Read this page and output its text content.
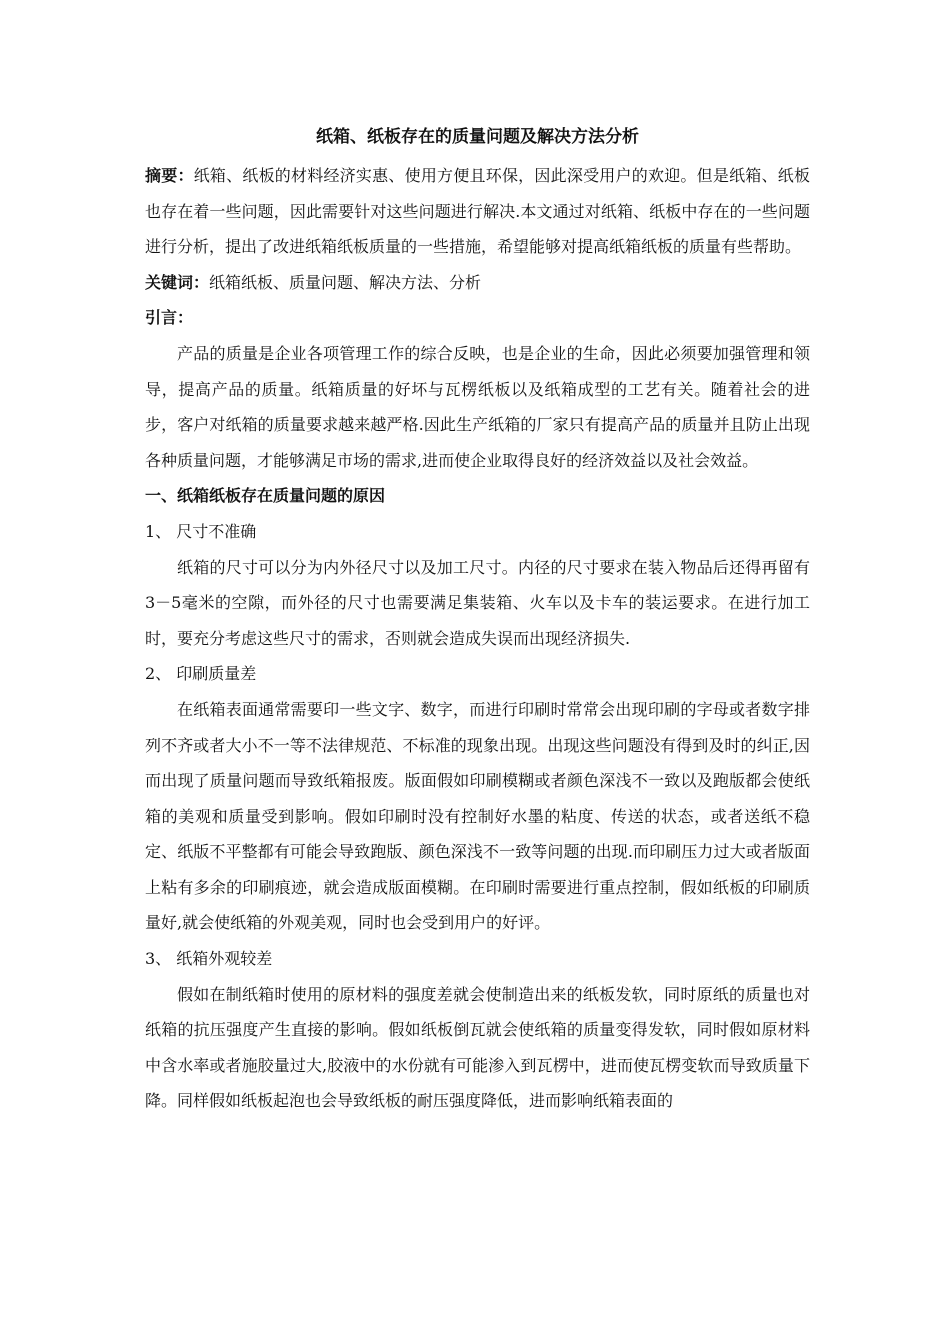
纸箱、纸板存在的质量问题及解决方法分析

摘要：纸箱、纸板的材料经济实惠、使用方便且环保，因此深受用户的欢迎。但是纸箱、纸板也存在着一些问题，因此需要针对这些问题进行解决.本文通过对纸箱、纸板中存在的一些问题进行分析，提出了改进纸箱纸板质量的一些措施，希望能够对提高纸箱纸板的质量有些帮助。

关键词：纸箱纸板、质量问题、解决方法、分析

引言：

产品的质量是企业各项管理工作的综合反映，也是企业的生命，因此必须要加强管理和领导，提高产品的质量。纸箱质量的好坏与瓦楞纸板以及纸箱成型的工艺有关。随着社会的进步，客户对纸箱的质量要求越来越严格.因此生产纸箱的厂家只有提高产品的质量并且防止出现各种质量问题，才能够满足市场的需求,进而使企业取得良好的经济效益以及社会效益。

一、纸箱纸板存在质量问题的原因

1、 尺寸不准确

纸箱的尺寸可以分为内外径尺寸以及加工尺寸。内径的尺寸要求在装入物品后还得再留有3－5毫米的空隙，而外径的尺寸也需要满足集装箱、火车以及卡车的装运要求。在进行加工时，要充分考虑这些尺寸的需求，否则就会造成失误而出现经济损失.

2、 印刷质量差

在纸箱表面通常需要印一些文字、数字，而进行印刷时常常会出现印刷的字母或者数字排列不齐或者大小不一等不法律规范、不标准的现象出现。出现这些问题没有得到及时的纠正,因而出现了质量问题而导致纸箱报废。版面假如印刷模糊或者颜色深浅不一致以及跑版都会使纸箱的美观和质量受到影响。假如印刷时没有控制好水墨的粘度、传送的状态，或者送纸不稳定、纸版不平整都有可能会导致跑版、颜色深浅不一致等问题的出现.而印刷压力过大或者版面上粘有多余的印刷痕迹，就会造成版面模糊。在印刷时需要进行重点控制，假如纸板的印刷质量好,就会使纸箱的外观美观，同时也会受到用户的好评。

3、 纸箱外观较差

假如在制纸箱时使用的原材料的强度差就会使制造出来的纸板发软，同时原纸的质量也对纸箱的抗压强度产生直接的影响。假如纸板倒瓦就会使纸箱的质量变得发软，同时假如原材料中含水率或者施胶量过大,胶液中的水份就有可能渗入到瓦楞中，进而使瓦楞变软而导致质量下降。同样假如纸板起泡也会导致纸板的耐压强度降低，进而影响纸箱表面的
